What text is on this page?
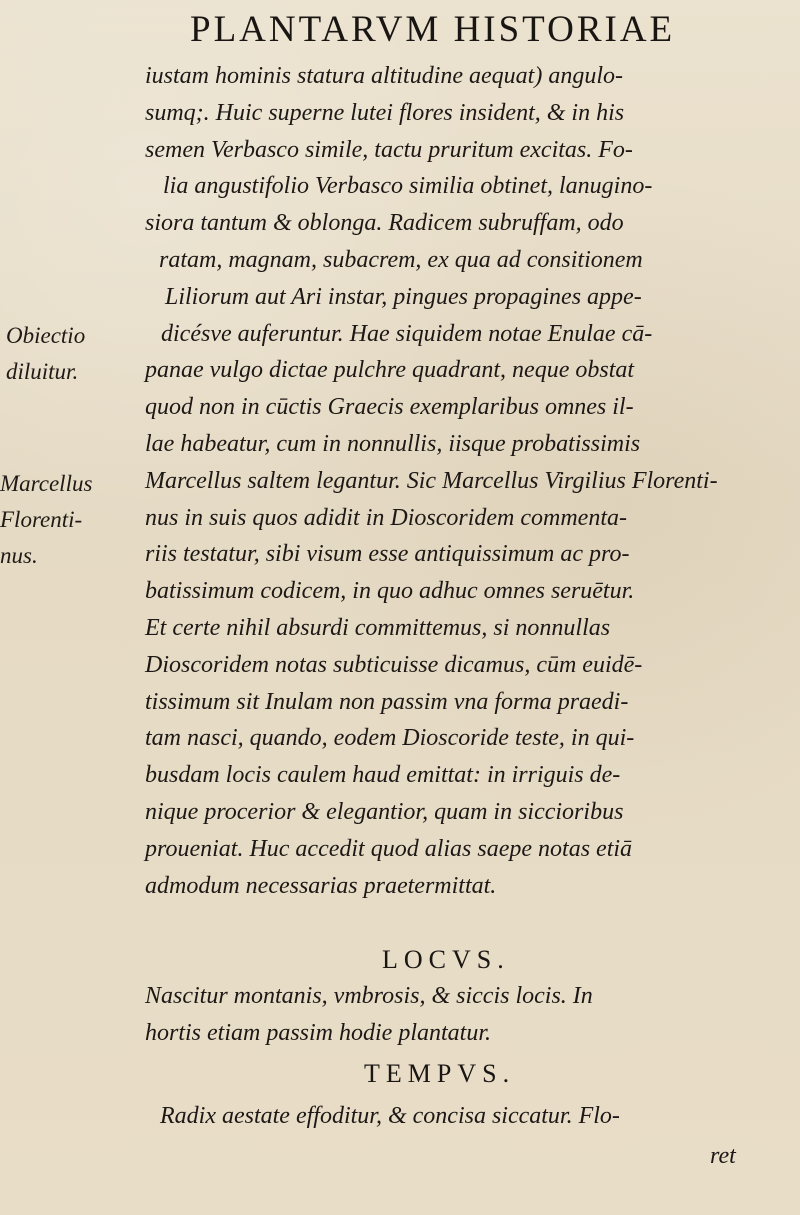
PLANTARVM HISTORIAE
iustam hominis statura altitudine aequat) angulo-
sumq;. Huic superne lutei flores insident, & in his
semen Verbasco simile, tactu pruritum excitas. Fo-
lia angustifolio Verbasco similia obtinet, lanugino-
siora tantum & oblonga. Radicem subruffam, odo
ratam, magnam, subacrem, ex qua ad consitionem
Liliorum aut Ari instar, pingues propagines appe-
dicésve auferuntur. Hae siquidem notae Enulae cā-
panae vulgo dictae pulchre quadrant, neque obstat
quod non in cūctis Graecis exemplaribus omnes il-
lae habeatur, cum in nonnullis, iisque probatissimis
Marcellus saltem legantur. Sic Marcellus Virgilius Florenti-
nus in suis quos adidit in Dioscoridem commenta-
riis testatur, sibi visum esse antiquissimum ac pro-
batissimum codicem, in quo adhuc omnes seruētur.
Et certe nihil absurdi committemus, si nonnullas
Dioscoridem notas subticuisse dicamus, cūm euidē-
tissimum sit Inulam non passim vna forma praedi-
tam nasci, quando, eodem Dioscoride teste, in qui-
busdam locis caulem haud emittat: in irriguis de-
nique procerior & elegantior, quam in siccioribus
proueniat. Huc accedit quod alias saepe notas etiā
admodum necessarias praetermittat.
Obiectio
diluitur.
Marcellus
Florenti-
nus.
LOCVS.
Nascitur montanis, vmbrosis, & siccis locis. In
hortis etiam passim hodie plantatur.
TEMPVS.
Radix aestate effoditur, & concisa siccatur. Flo-
ret
